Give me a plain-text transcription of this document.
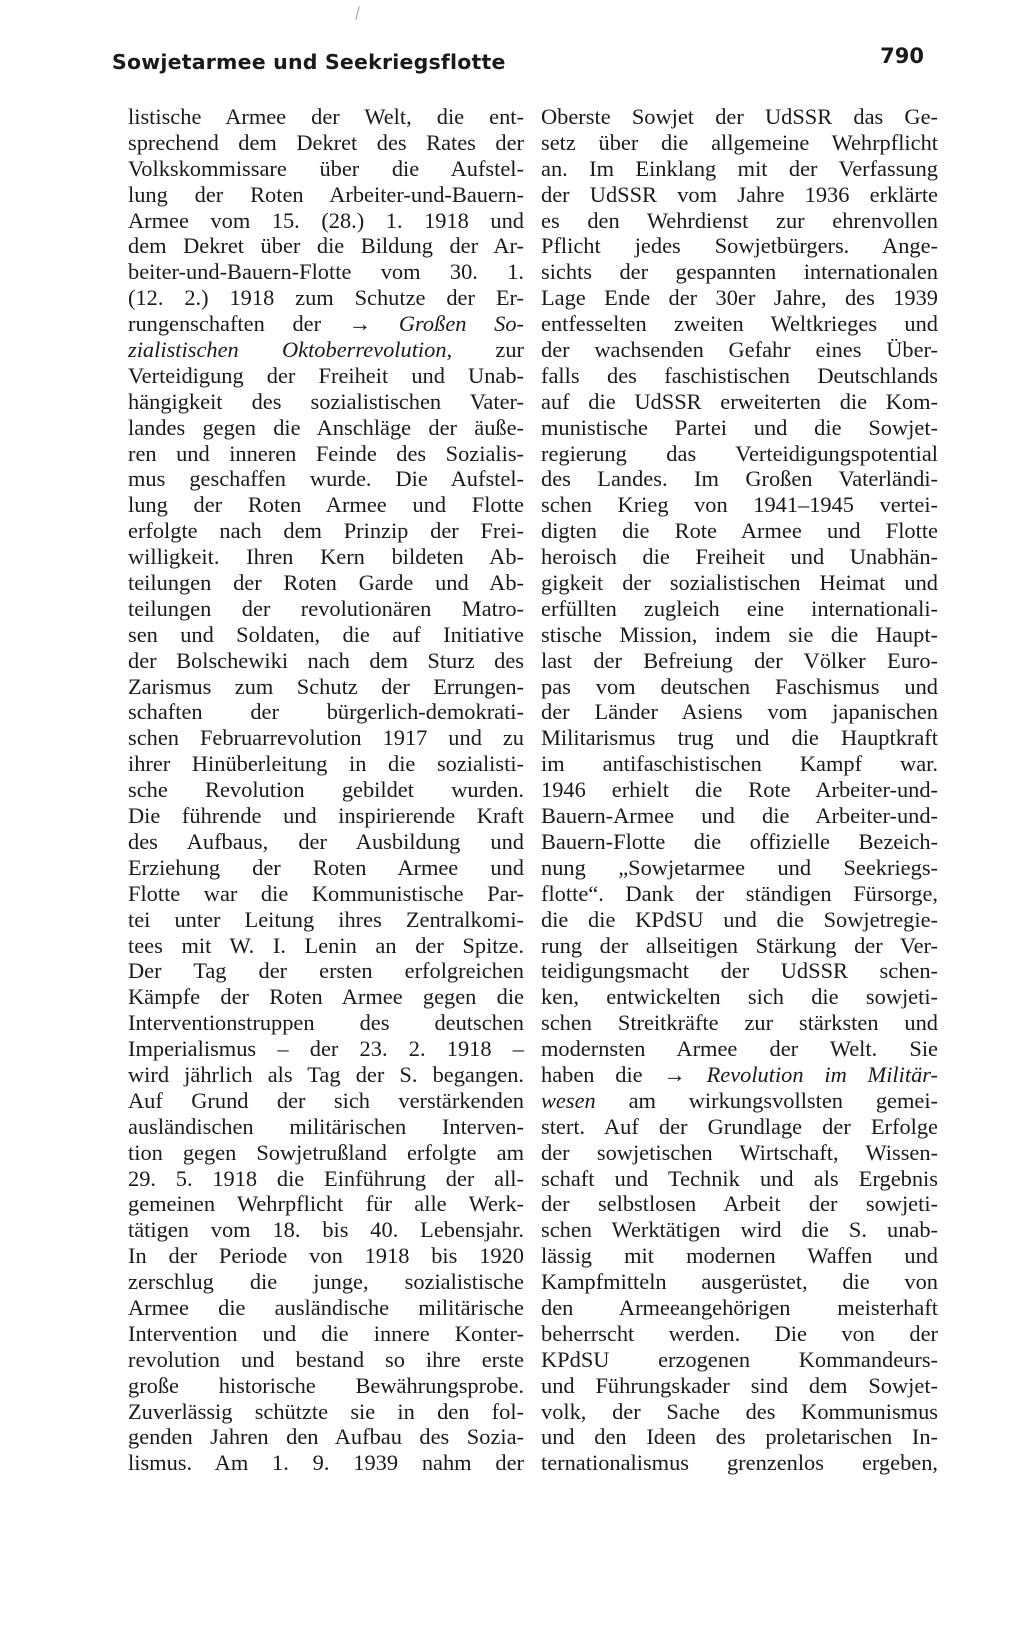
Sowjetarmee und Seekriegsflotte	790
listische Armee der Welt, die ent-
sprechend dem Dekret des Rates der
Volkskommissare über die Aufstel-
lung der Roten Arbeiter-und-Bauern-
Armee vom 15. (28.) 1. 1918 und
dem Dekret über die Bildung der Ar-
beiter-und-Bauern-Flotte vom 30. 1.
(12. 2.) 1918 zum Schutze der Er-
rungenschaften der → Großen So-
zialistischen Oktoberrevolution, zur
Verteidigung der Freiheit und Unab-
hängigkeit des sozialistischen Vater-
landes gegen die Anschläge der äuße-
ren und inneren Feinde des Sozialis-
mus geschaffen wurde. Die Aufstel-
lung der Roten Armee und Flotte
erfolgte nach dem Prinzip der Frei-
willigkeit. Ihren Kern bildeten Ab-
teilungen der Roten Garde und Ab-
teilungen der revolutionären Matro-
sen und Soldaten, die auf Initiative
der Bolschewiki nach dem Sturz des
Zarismus zum Schutz der Errungen-
schaften der bürgerlich-demokrati-
schen Februarrevolution 1917 und zu
ihrer Hinüberleitung in die sozialisti-
sche Revolution gebildet wurden.
Die führende und inspirierende Kraft
des Aufbaus, der Ausbildung und
Erziehung der Roten Armee und
Flotte war die Kommunistische Par-
tei unter Leitung ihres Zentralkomi-
tees mit W. I. Lenin an der Spitze.
Der Tag der ersten erfolgreichen
Kämpfe der Roten Armee gegen die
Interventionstruppen des deutschen
Imperialismus – der 23. 2. 1918 –
wird jährlich als Tag der S. begangen.
Auf Grund der sich verstärkenden
ausländischen militärischen Interven-
tion gegen Sowjetrußland erfolgte am
29. 5. 1918 die Einführung der all-
gemeinen Wehrpflicht für alle Werk-
tätigen vom 18. bis 40. Lebensjahr.
In der Periode von 1918 bis 1920
zerschlug die junge, sozialistische
Armee die ausländische militärische
Intervention und die innere Konter-
revolution und bestand so ihre erste
große historische Bewährungsprobe.
Zuverlässig schützte sie in den fol-
genden Jahren den Aufbau des Sozia-
lismus. Am 1. 9. 1939 nahm der
Oberste Sowjet der UdSSR das Ge-
setz über die allgemeine Wehrpflicht
an. Im Einklang mit der Verfassung
der UdSSR vom Jahre 1936 erklärte
es den Wehrdienst zur ehrenvollen
Pflicht jedes Sowjetbürgers. Ange-
sichts der gespannten internationalen
Lage Ende der 30er Jahre, des 1939
entfesselten zweiten Weltkrieges und
der wachsenden Gefahr eines Über-
falls des faschistischen Deutschlands
auf die UdSSR erweiterten die Kom-
munistische Partei und die Sowjet-
regierung das Verteidigungspotential
des Landes. Im Großen Vaterländi-
schen Krieg von 1941–1945 vertei-
digten die Rote Armee und Flotte
heroisch die Freiheit und Unabhän-
gigkeit der sozialistischen Heimat und
erfüllten zugleich eine internationali-
stische Mission, indem sie die Haupt-
last der Befreiung der Völker Euro-
pas vom deutschen Faschismus und
der Länder Asiens vom japanischen
Militarismus trug und die Hauptkraft
im antifaschistischen Kampf war.
1946 erhielt die Rote Arbeiter-und-
Bauern-Armee und die Arbeiter-und-
Bauern-Flotte die offizielle Bezeich-
nung „Sowjetarmee und Seekriegs-
flotte“. Dank der ständigen Fürsorge,
die die KPdSU und die Sowjetregie-
rung der allseitigen Stärkung der Ver-
teidigungsmacht der UdSSR schen-
ken, entwickelten sich die sowjeti-
schen Streitkräfte zur stärksten und
modernsten Armee der Welt. Sie
haben die → Revolution im Militär-
wesen am wirkungsvollsten gemei-
stert. Auf der Grundlage der Erfolge
der sowjetischen Wirtschaft, Wissen-
schaft und Technik und als Ergebnis
der selbstlosen Arbeit der sowjeti-
schen Werktätigen wird die S. unab-
lässig mit modernen Waffen und
Kampfmitteln ausgerüstet, die von
den Armeeangehörigen meisterhaft
beherrscht werden. Die von der
KPdSU erzogenen Kommandeurs-
und Führungskader sind dem Sowjet-
volk, der Sache des Kommunismus
und den Ideen des proletarischen In-
ternationalismus grenzenlos ergeben,
